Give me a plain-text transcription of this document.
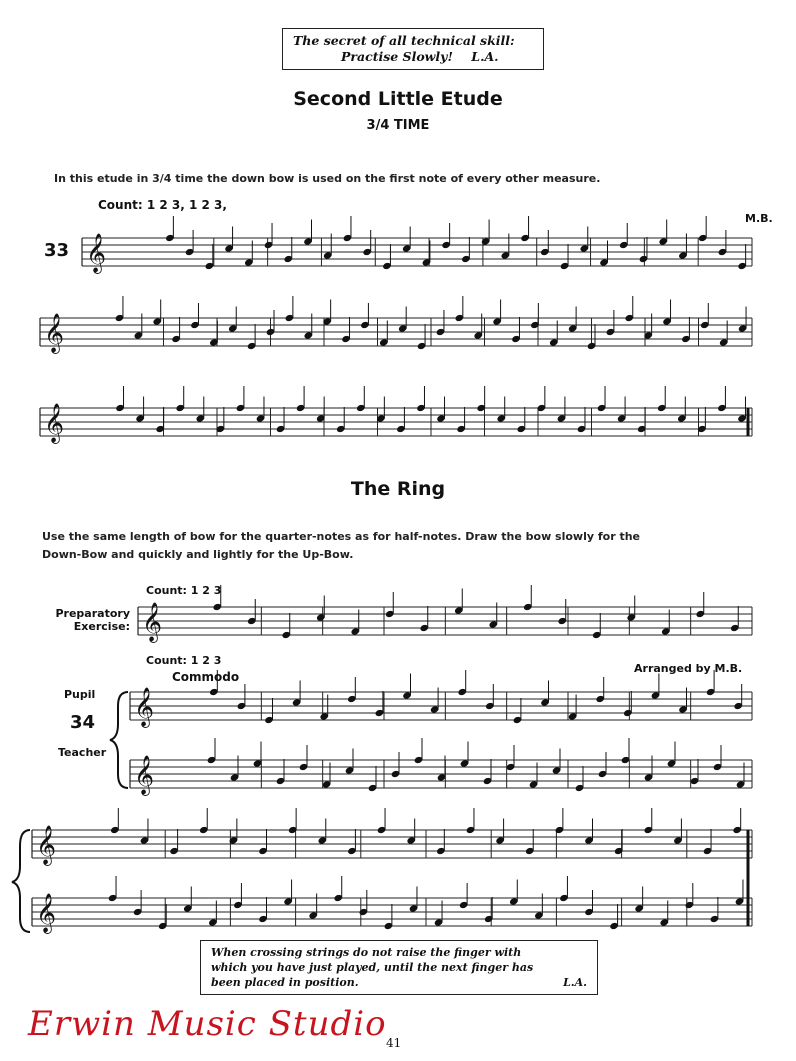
The secret of all technical skill:
Practise Slowly! L.A.
Second Little Etude
3/4 TIME
In this etude in 3/4 time the down bow is used on the first note of every other measure.
Count: 1 2 3, 1 2 3,
33
M.B.
The Ring
Use the same length of bow for the quarter-notes as for half-notes. Draw the bow slowly for the
Down-Bow and quickly and lightly for the Up-Bow.
Count: 1 2 3
Preparatory
Exercise:
Count: 1 2 3
Commodo
Arranged by M.B.
Pupil
34
Teacher
When crossing strings do not raise the finger with
which you have just played, until the next finger has
been placed in position.	L.A.
Erwin Music Studio 41
𝄞
𝄞
𝄞
𝄞
𝄞
𝄞
𝄞
𝄞
